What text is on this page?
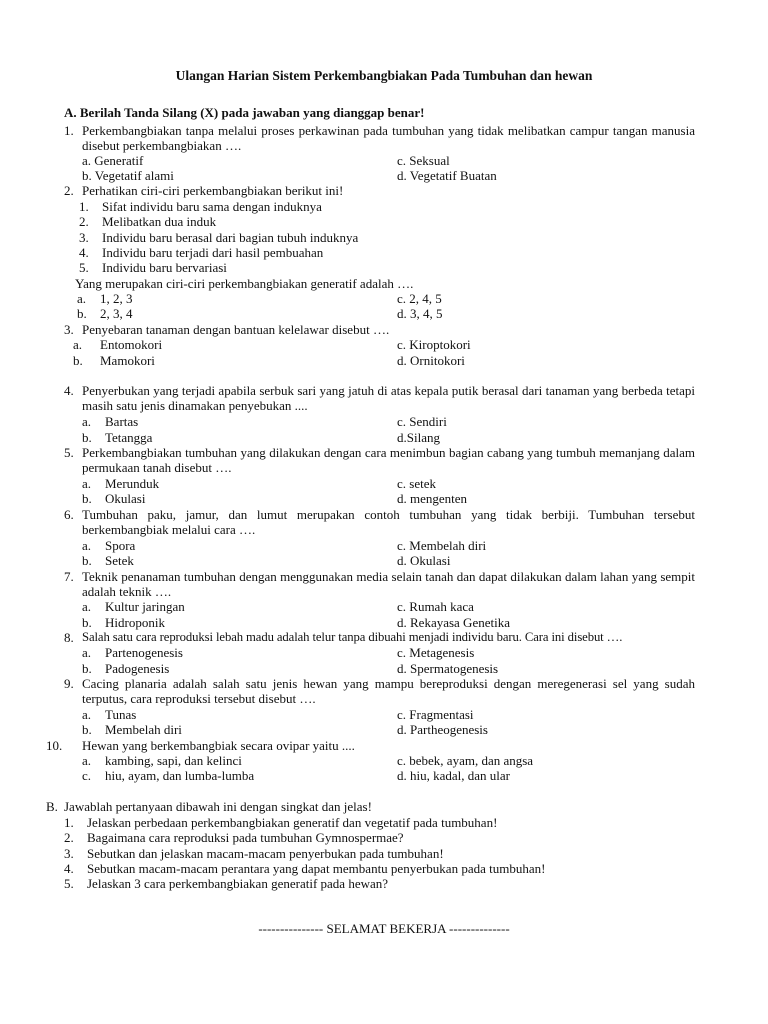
Ulangan Harian Sistem Perkembangbiakan Pada Tumbuhan dan hewan
A. Berilah Tanda Silang (X) pada jawaban yang dianggap benar!
1. Perkembangbiakan tanpa melalui proses perkawinan pada tumbuhan yang tidak melibatkan campur tangan manusia disebut perkembangbiakan ….
a. Generatif	c. Seksual
b. Vegetatif alami	d. Vegetatif Buatan
2. Perhatikan ciri-ciri perkembangbiakan berikut ini!
1. Sifat individu baru sama dengan induknya
2. Melibatkan dua induk
3. Individu baru berasal dari bagian tubuh induknya
4. Individu baru terjadi dari hasil pembuahan
5. Individu baru bervariasi
Yang merupakan ciri-ciri perkembangbiakan generatif adalah ….
a. 1, 2, 3	c. 2, 4, 5
b. 2, 3, 4	d. 3, 4, 5
3. Penyebaran tanaman dengan bantuan kelelawar disebut ….
a. Entomokori	c. Kiroptokori
b. Mamokori	d. Ornitokori
4. Penyerbukan yang terjadi apabila serbuk sari yang jatuh di atas kepala putik berasal dari tanaman yang berbeda tetapi masih satu jenis dinamakan penyebukan ....
a. Bartas	c. Sendiri
b. Tetangga	d.Silang
5. Perkembangbiakan tumbuhan yang dilakukan dengan cara menimbun bagian cabang yang tumbuh memanjang dalam permukaan tanah disebut ….
a. Merunduk	c. setek
b. Okulasi	d. mengenten
6. Tumbuhan paku, jamur, dan lumut merupakan contoh tumbuhan yang tidak berbiji. Tumbuhan tersebut berkembangbiak melalui cara ….
a. Spora	c. Membelah diri
b. Setek	d. Okulasi
7. Teknik penanaman tumbuhan dengan menggunakan media selain tanah dan dapat dilakukan dalam lahan yang sempit adalah teknik ….
a. Kultur jaringan	c. Rumah kaca
b. Hidroponik	d. Rekayasa Genetika
8. Salah satu cara reproduksi lebah madu adalah telur tanpa dibuahi menjadi individu baru. Cara ini disebut ….
a. Partenogenesis	c. Metagenesis
b. Padogenesis	d. Spermatogenesis
9. Cacing planaria adalah salah satu jenis hewan yang mampu bereproduksi dengan meregenerasi sel yang sudah terputus, cara reproduksi tersebut disebut ….
a. Tunas	c. Fragmentasi
b. Membelah diri	d. Partheogenesis
10. Hewan yang berkembangbiak secara ovipar yaitu ....
a. kambing, sapi, dan kelinci	c. bebek, ayam, dan angsa
c. hiu, ayam, dan lumba-lumba	d. hiu, kadal, dan ular
B. Jawablah pertanyaan dibawah ini dengan singkat dan jelas!
1. Jelaskan perbedaan perkembangbiakan generatif dan vegetatif pada tumbuhan!
2. Bagaimana cara reproduksi pada tumbuhan Gymnospermae?
3. Sebutkan dan jelaskan macam-macam penyerbukan pada tumbuhan!
4. Sebutkan macam-macam perantara yang dapat membantu penyerbukan pada tumbuhan!
5. Jelaskan 3 cara perkembangbiakan generatif pada hewan?
--------------- SELAMAT BEKERJA --------------
